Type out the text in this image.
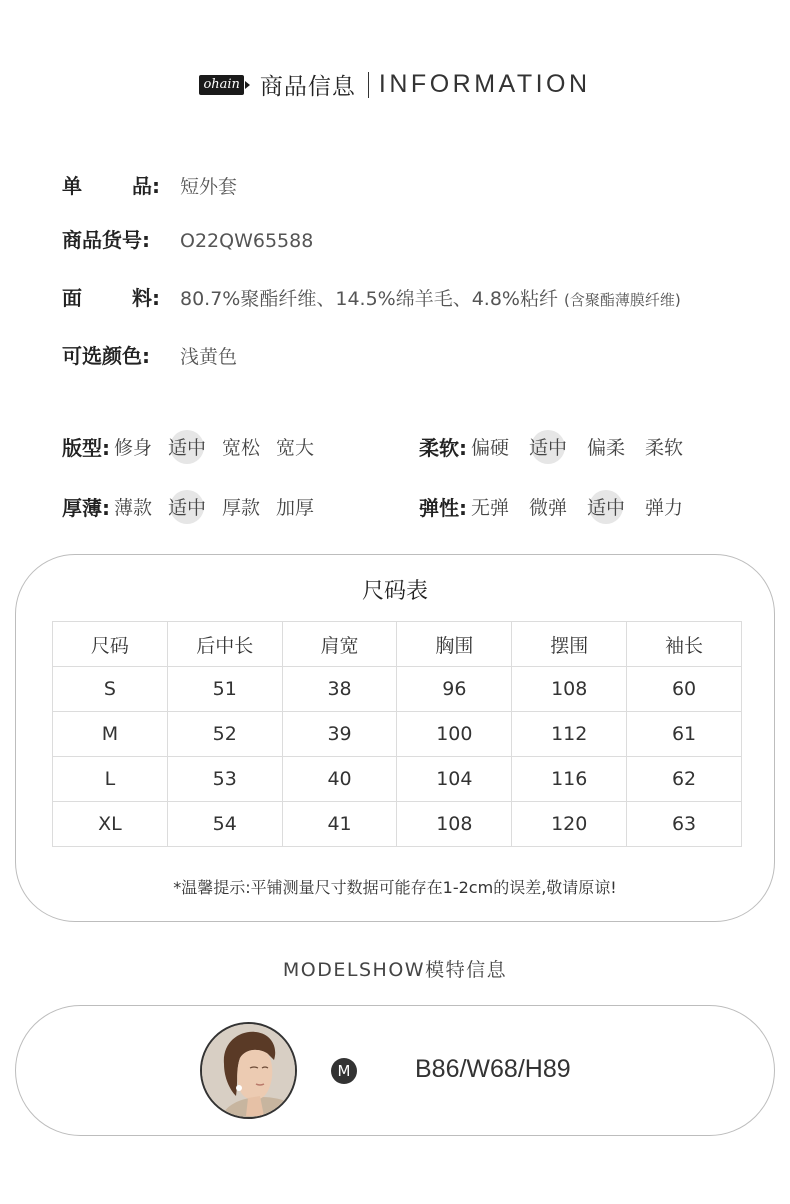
ohain 商品信息 INFORMATION
单	品: 短外套
商品货号:	O22QW65588
面	料: 80.7%聚酯纤维、14.5%绵羊毛、4.8%粘纤 (含聚酯薄膜纤维)
可选颜色:	浅黄色
版型: 修身 适中 宽松 宽大	柔软: 偏硬 适中 偏柔 柔软
厚薄: 薄款 适中 厚款 加厚	弹性: 无弹 微弹 适中 弹力
尺码表
尺码	后中长	肩宽	胸围	摆围	袖长
S	51	38	96	108	60
M	52	39	100	112	61
L	53	40	104	116	62
XL	54	41	108	120	63
*温馨提示:平铺测量尺寸数据可能存在1-2cm的误差,敬请原谅!
MODELSHOW模特信息
M	B86/W68/H89
